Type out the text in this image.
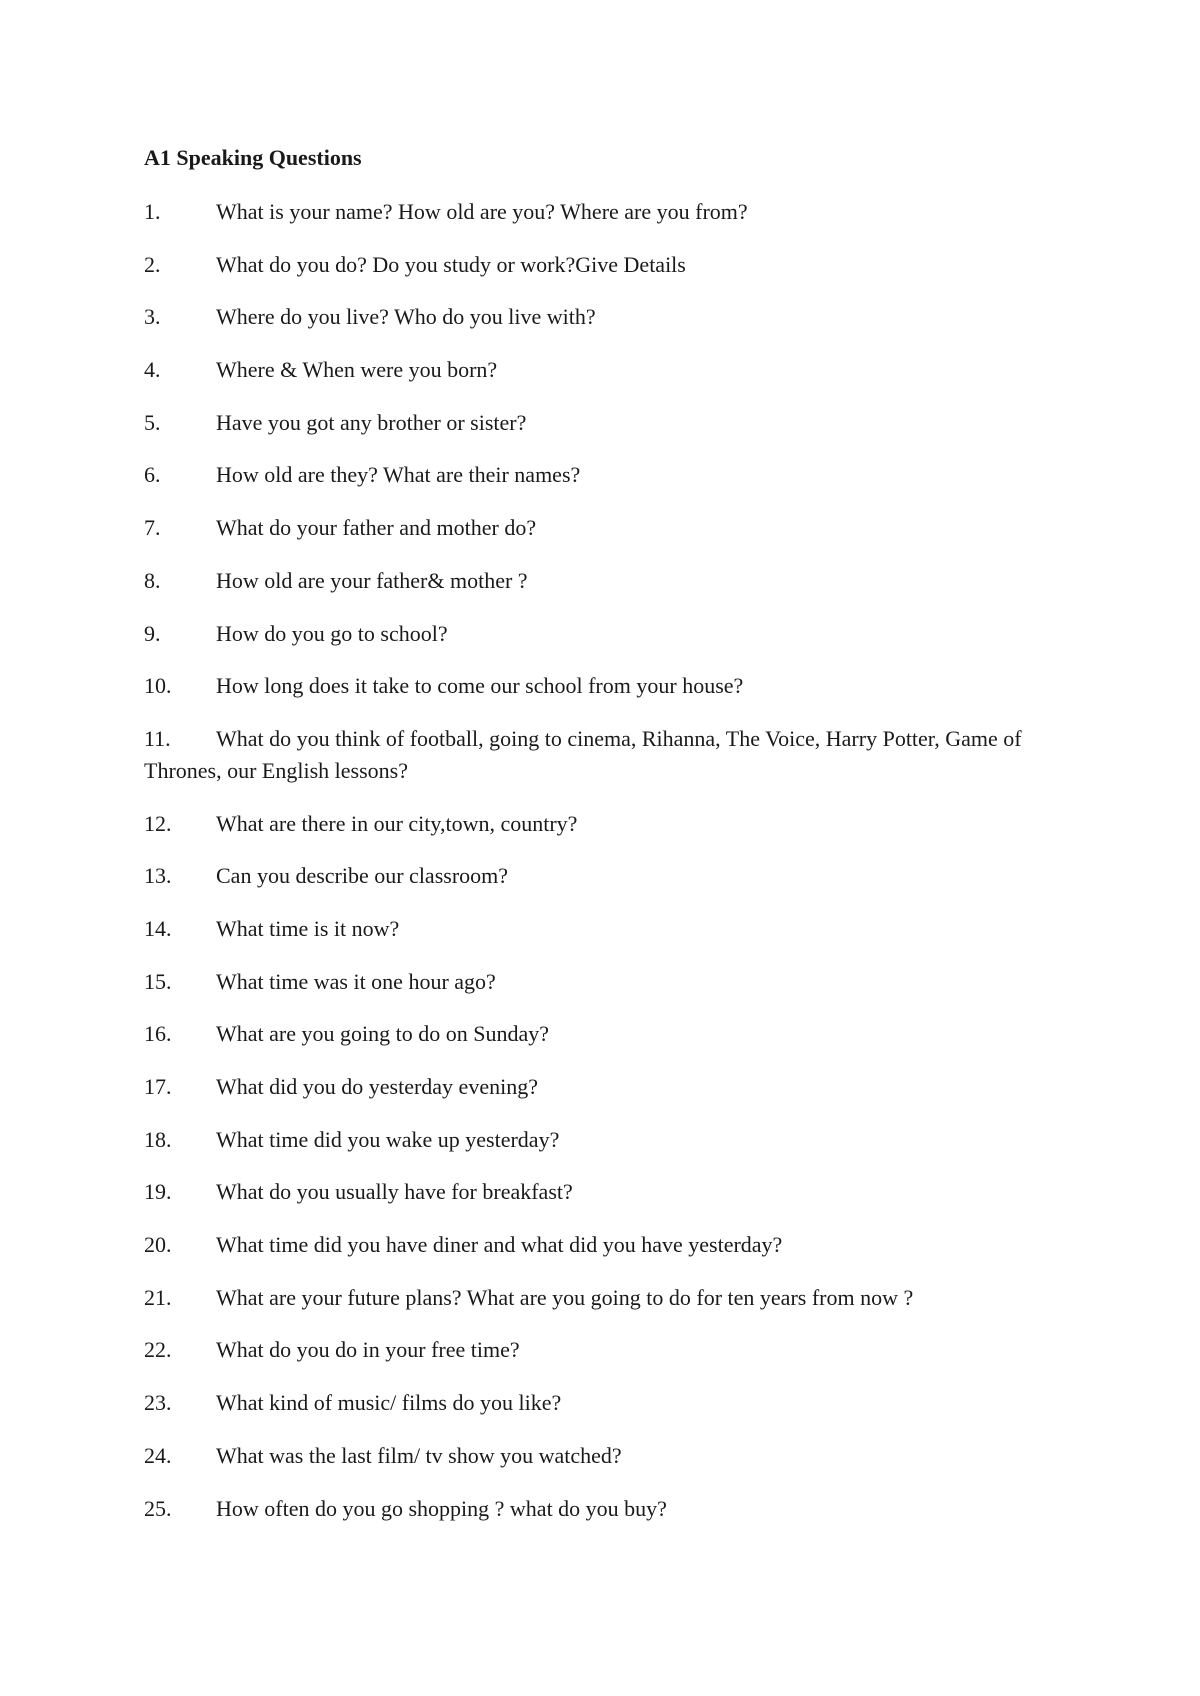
A1 Speaking Questions
1.	What is your name? How old are you? Where are you from?
2.	What do you do? Do you study or work?Give Details
3.	Where do you live? Who do you live with?
4.	Where & When were you born?
5.	Have you got any brother or sister?
6.	How old are they? What are their names?
7.	What do your father and mother do?
8.	How old are your father& mother ?
9.	How do you go to school?
10. How long does it take to come our school from your house?
11. What do you think of football, going to cinema, Rihanna, The Voice, Harry Potter, Game of Thrones, our English lessons?
12. What are there in our city,town, country?
13. Can you describe our classroom?
14. What time is it now?
15. What time was it one hour ago?
16. What are you going to do on Sunday?
17. What did you do yesterday evening?
18. What time did you wake up yesterday?
19. What do you usually have for breakfast?
20. What time did you have diner and what did you have yesterday?
21. What are your future plans? What are you going to do for ten years from now ?
22. What do you do in your free time?
23. What kind of music/ films do you like?
24. What was the last film/ tv show you watched?
25. How often do you go shopping ? what do you buy?
